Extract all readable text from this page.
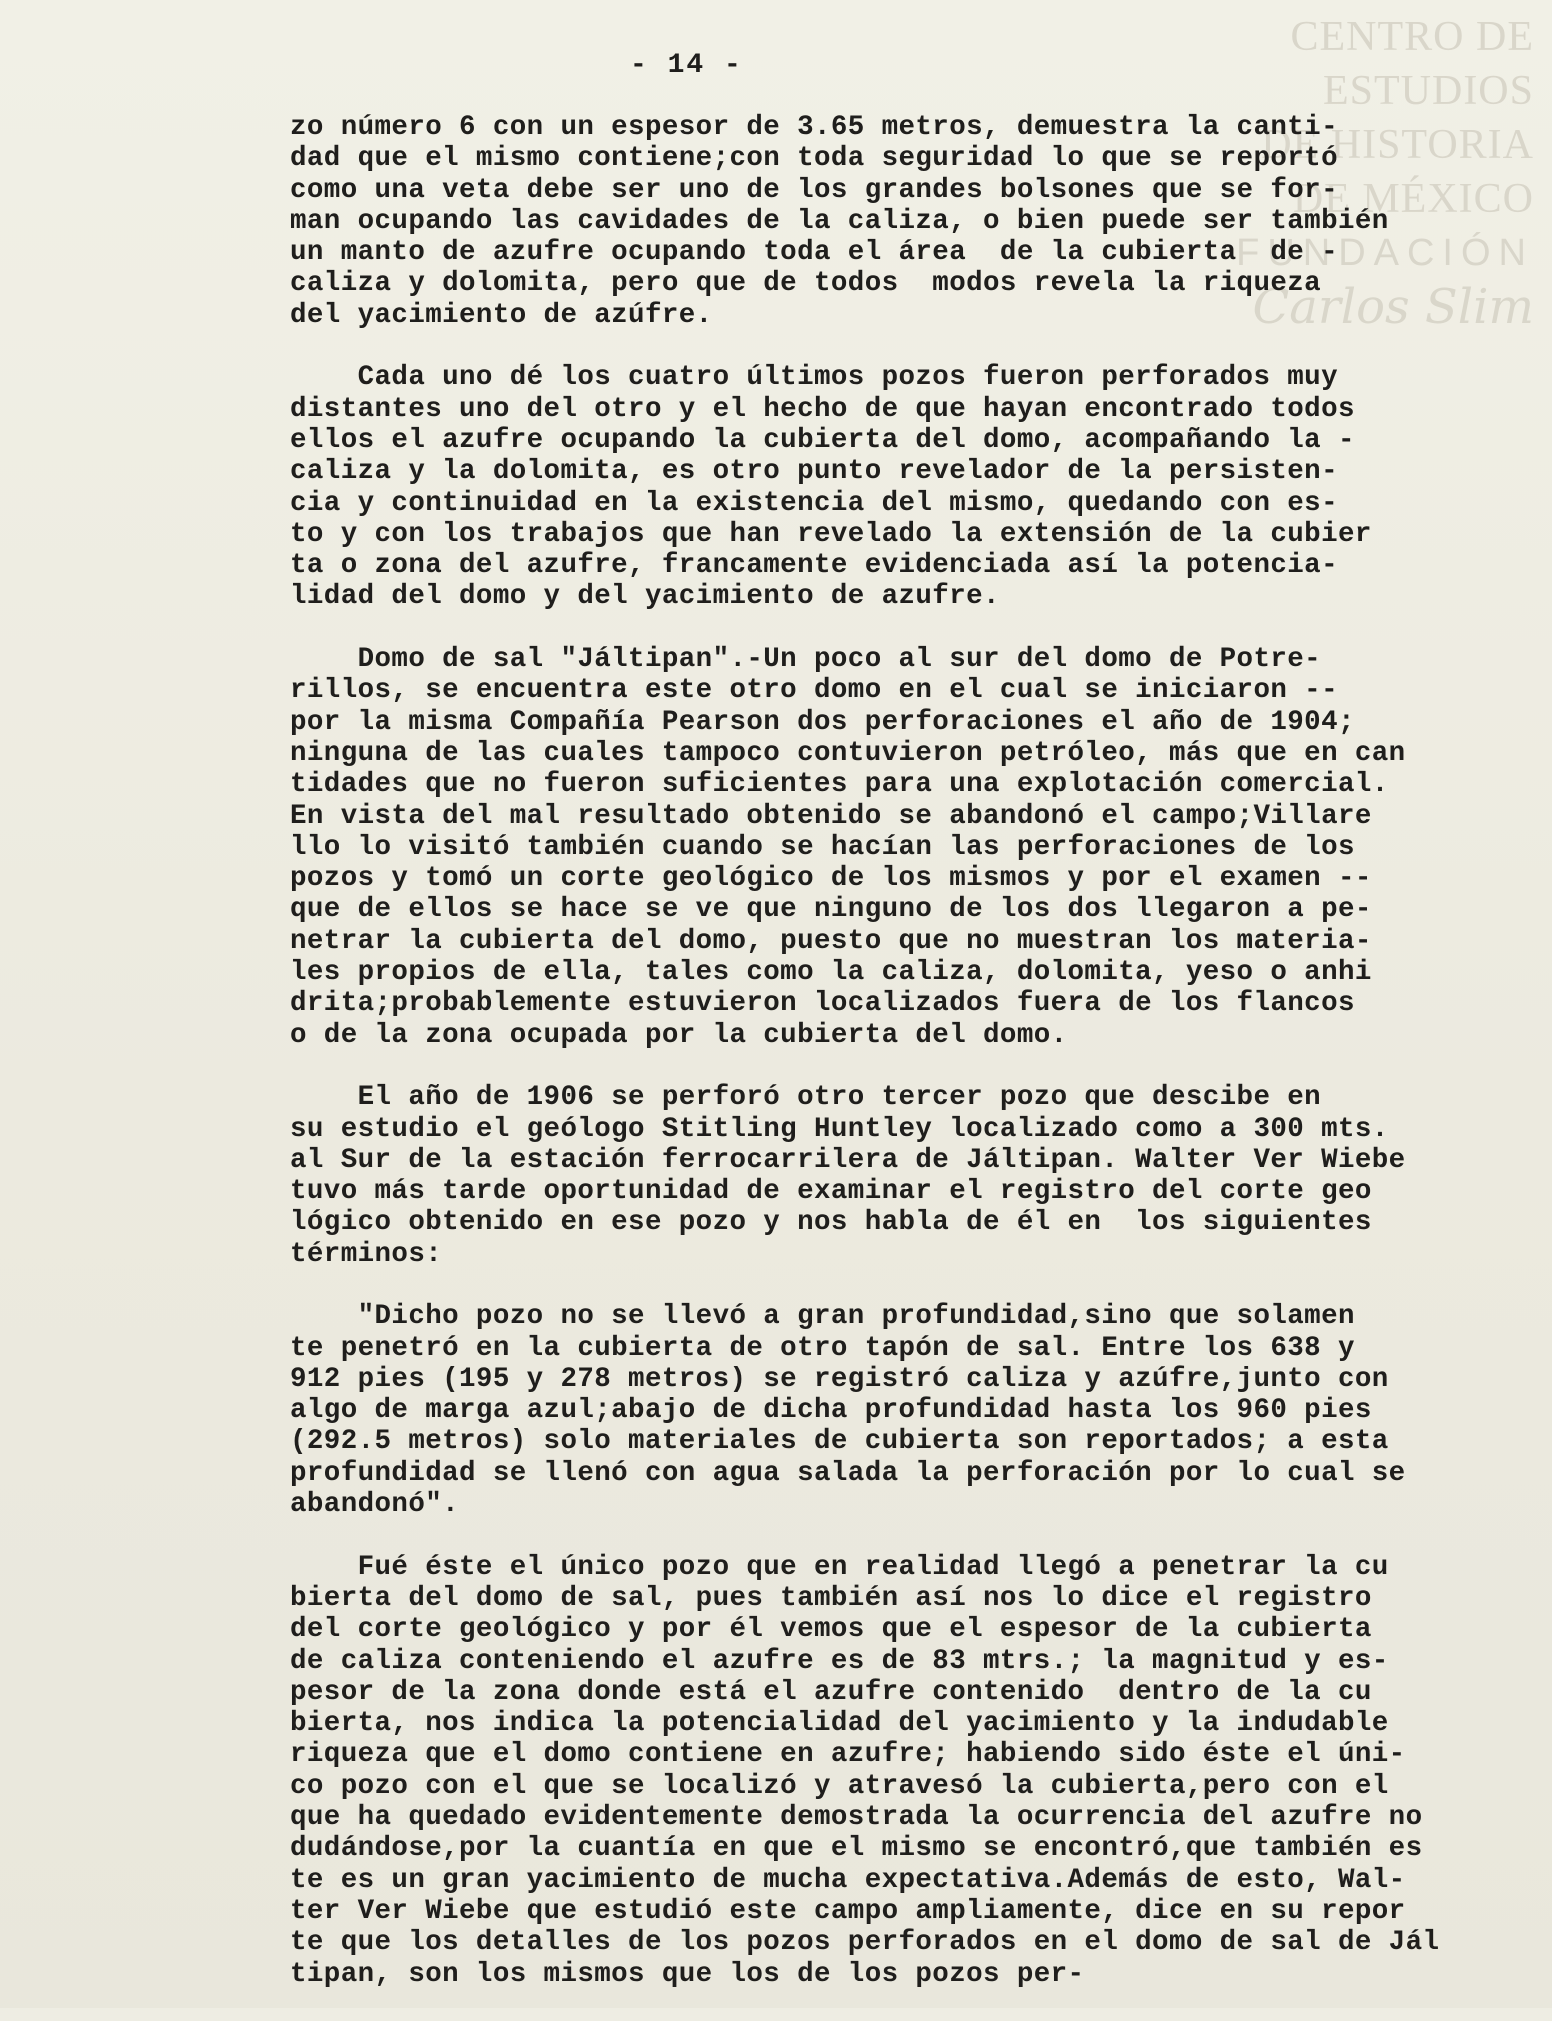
CENTRO DE
ESTUDIOS
DE HISTORIA
DE MÉXICO
FUNDACIÓN
Carlos Slim
- 14 -
zo número 6 con un espesor de 3.65 metros, demuestra la canti-
dad que el mismo contiene;con toda seguridad lo que se reportó
como una veta debe ser uno de los grandes bolsones que se for-
man ocupando las cavidades de la caliza, o bien puede ser también
un manto de azufre ocupando toda el área  de la cubierta  de -
caliza y dolomita, pero que de todos  modos revela la riqueza
del yacimiento de azúfre.
Cada uno dé los cuatro últimos pozos fueron perforados muy
distantes uno del otro y el hecho de que hayan encontrado todos
ellos el azufre ocupando la cubierta del domo, acompañando la -
caliza y la dolomita, es otro punto revelador de la persisten-
cia y continuidad en la existencia del mismo, quedando con es-
to y con los trabajos que han revelado la extensión de la cubier
ta o zona del azufre, francamente evidenciada así la potencia-
lidad del domo y del yacimiento de azufre.
Domo de sal "Jáltipan".-Un poco al sur del domo de Potre-
rillos, se encuentra este otro domo en el cual se iniciaron --
por la misma Compañía Pearson dos perforaciones el año de 1904;
ninguna de las cuales tampoco contuvieron petróleo, más que en can
tidades que no fueron suficientes para una explotación comercial.
En vista del mal resultado obtenido se abandonó el campo;Villare
llo lo visitó también cuando se hacían las perforaciones de los
pozos y tomó un corte geológico de los mismos y por el examen --
que de ellos se hace se ve que ninguno de los dos llegaron a pe-
netrar la cubierta del domo, puesto que no muestran los materia-
les propios de ella, tales como la caliza, dolomita, yeso o anhi
drita;probablemente estuvieron localizados fuera de los flancos
o de la zona ocupada por la cubierta del domo.
El año de 1906 se perforó otro tercer pozo que descibe en
su estudio el geólogo Stitling Huntley localizado como a 300 mts.
al Sur de la estación ferrocarrilera de Jáltipan. Walter Ver Wiebe
tuvo más tarde oportunidad de examinar el registro del corte geo
lógico obtenido en ese pozo y nos habla de él en  los siguientes
términos:
"Dicho pozo no se llevó a gran profundidad,sino que solamen
te penetró en la cubierta de otro tapón de sal. Entre los 638 y
912 pies (195 y 278 metros) se registró caliza y azúfre,junto con
algo de marga azul;abajo de dicha profundidad hasta los 960 pies
(292.5 metros) solo materiales de cubierta son reportados; a esta
profundidad se llenó con agua salada la perforación por lo cual se
abandonó".
Fué éste el único pozo que en realidad llegó a penetrar la cu
bierta del domo de sal, pues también así nos lo dice el registro
del corte geológico y por él vemos que el espesor de la cubierta
de caliza conteniendo el azufre es de 83 mtrs.; la magnitud y es-
pesor de la zona donde está el azufre contenido  dentro de la cu
bierta, nos indica la potencialidad del yacimiento y la indudable
riqueza que el domo contiene en azufre; habiendo sido éste el úni-
co pozo con el que se localizó y atravesó la cubierta,pero con el
que ha quedado evidentemente demostrada la ocurrencia del azufre no
dudándose,por la cuantía en que el mismo se encontró,que también es
te es un gran yacimiento de mucha expectativa.Además de esto, Wal-
ter Ver Wiebe que estudió este campo ampliamente, dice en su repor
te que los detalles de los pozos perforados en el domo de sal de Jál
tipan, son los mismos que los de los pozos per-
